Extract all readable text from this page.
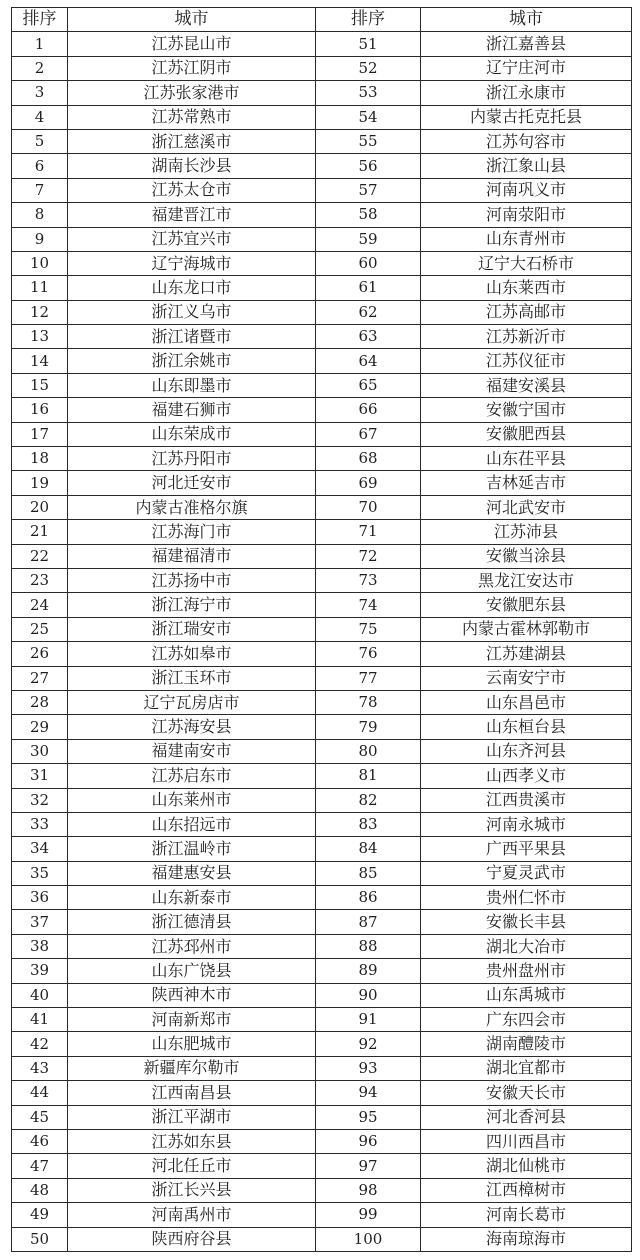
排序	城市	排序	城市
1	江苏昆山市	51	浙江嘉善县
2	江苏江阴市	52	辽宁庄河市
3	江苏张家港市	53	浙江永康市
4	江苏常熟市	54	内蒙古托克托县
5	浙江慈溪市	55	江苏句容市
6	湖南长沙县	56	浙江象山县
7	江苏太仓市	57	河南巩义市
8	福建晋江市	58	河南荥阳市
9	江苏宜兴市	59	山东青州市
10	辽宁海城市	60	辽宁大石桥市
11	山东龙口市	61	山东莱西市
12	浙江义乌市	62	江苏高邮市
13	浙江诸暨市	63	江苏新沂市
14	浙江余姚市	64	江苏仪征市
15	山东即墨市	65	福建安溪县
16	福建石狮市	66	安徽宁国市
17	山东荣成市	67	安徽肥西县
18	江苏丹阳市	68	山东茌平县
19	河北迁安市	69	吉林延吉市
20	内蒙古准格尔旗	70	河北武安市
21	江苏海门市	71	江苏沛县
22	福建福清市	72	安徽当涂县
23	江苏扬中市	73	黑龙江安达市
24	浙江海宁市	74	安徽肥东县
25	浙江瑞安市	75	内蒙古霍林郭勒市
26	江苏如皋市	76	江苏建湖县
27	浙江玉环市	77	云南安宁市
28	辽宁瓦房店市	78	山东昌邑市
29	江苏海安县	79	山东桓台县
30	福建南安市	80	山东齐河县
31	江苏启东市	81	山西孝义市
32	山东莱州市	82	江西贵溪市
33	山东招远市	83	河南永城市
34	浙江温岭市	84	广西平果县
35	福建惠安县	85	宁夏灵武市
36	山东新泰市	86	贵州仁怀市
37	浙江德清县	87	安徽长丰县
38	江苏邳州市	88	湖北大冶市
39	山东广饶县	89	贵州盘州市
40	陕西神木市	90	山东禹城市
41	河南新郑市	91	广东四会市
42	山东肥城市	92	湖南醴陵市
43	新疆库尔勒市	93	湖北宜都市
44	江西南昌县	94	安徽天长市
45	浙江平湖市	95	河北香河县
46	江苏如东县	96	四川西昌市
47	河北任丘市	97	湖北仙桃市
48	浙江长兴县	98	江西樟树市
49	河南禹州市	99	河南长葛市
50	陕西府谷县	100	海南琼海市
